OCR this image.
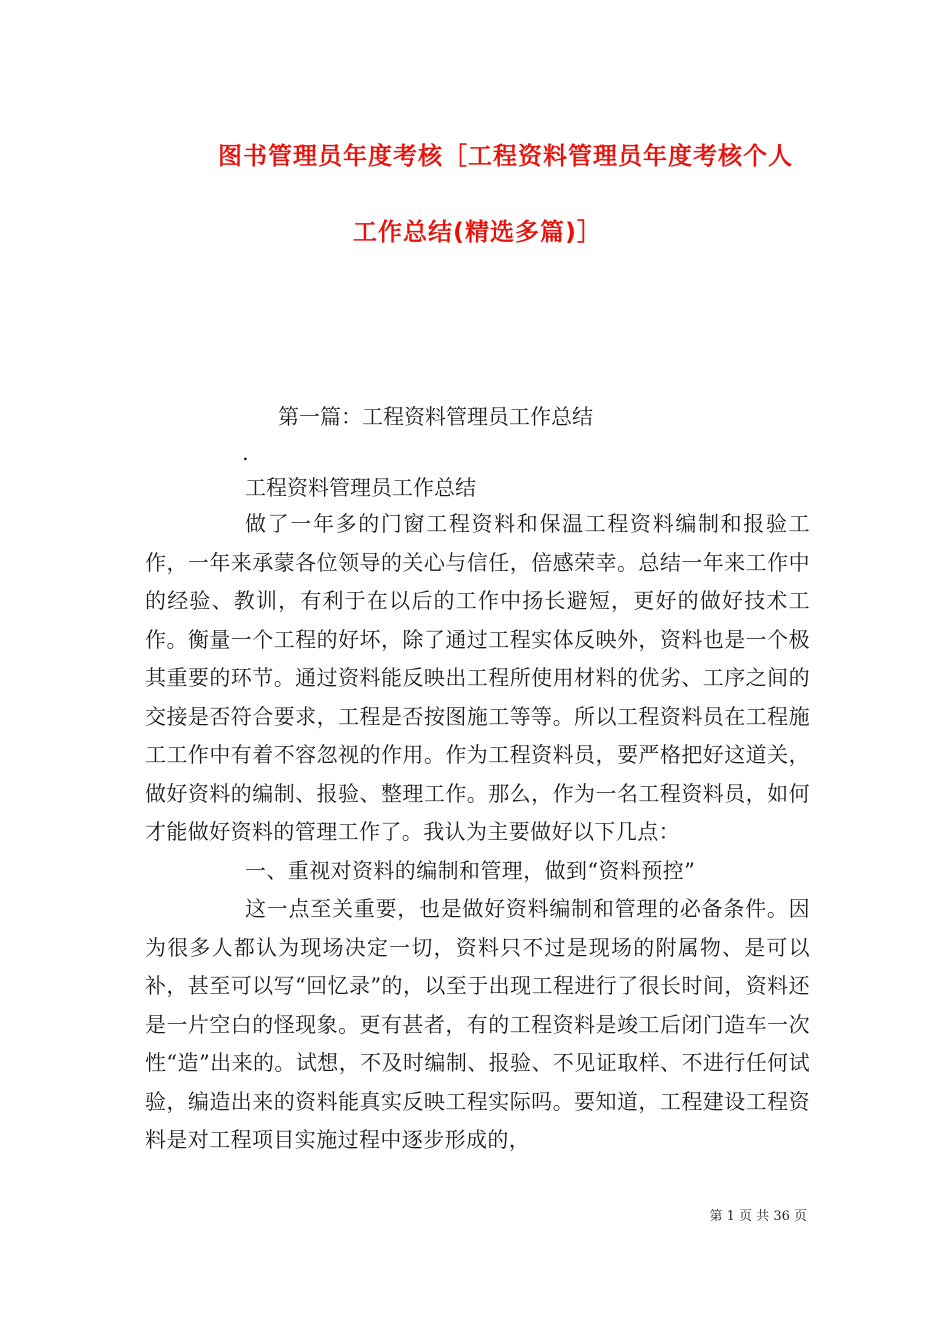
图书管理员年度考核［工程资料管理员年度考核个人
工作总结(精选多篇)］
第一篇：工程资料管理员工作总结
.
工程资料管理员工作总结

做了一年多的门窗工程资料和保温工程资料编制和报验工作，一年来承蒙各位领导的关心与信任，倍感荣幸。总结一年来工作中的经验、教训，有利于在以后的工作中扬长避短，更好的做好技术工作。衡量一个工程的好坏，除了通过工程实体反映外，资料也是一个极其重要的环节。通过资料能反映出工程所使用材料的优劣、工序之间的交接是否符合要求，工程是否按图施工等等。所以工程资料员在工程施工工作中有着不容忽视的作用。作为工程资料员，要严格把好这道关，做好资料的编制、报验、整理工作。那么，作为一名工程资料员，如何才能做好资料的管理工作了。我认为主要做好以下几点：

一、重视对资料的编制和管理，做到“资料预控”

这一点至关重要，也是做好资料编制和管理的必备条件。因为很多人都认为现场决定一切，资料只不过是现场的附属物、是可以补，甚至可以写“回忆录”的，以至于出现工程进行了很长时间，资料还是一片空白的怪现象。更有甚者，有的工程资料是竣工后闭门造车一次性“造”出来的。试想，不及时编制、报验、不见证取样、不进行任何试验，编造出来的资料能真实反映工程实际吗。要知道，工程建设工程资料是对工程项目实施过程中逐步形成的，

第 1 页 共 36 页
